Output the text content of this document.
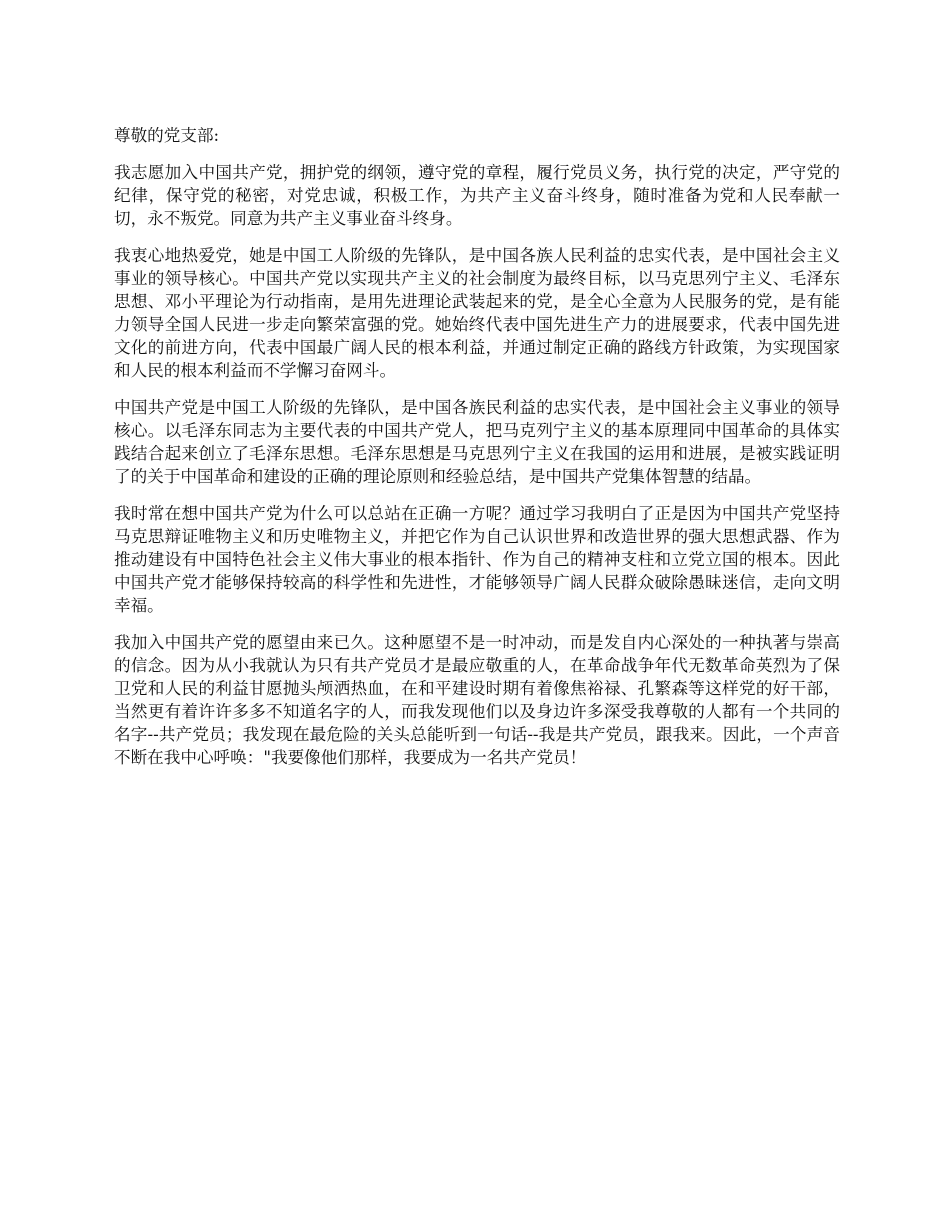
尊敬的党支部:

我志愿加入中国共产党，拥护党的纲领，遵守党的章程，履行党员义务，执行党的决定，严守党的纪律，保守党的秘密，对党忠诚，积极工作，为共产主义奋斗终身，随时准备为党和人民奉献一切，永不叛党。同意为共产主义事业奋斗终身。

我衷心地热爱党，她是中国工人阶级的先锋队，是中国各族人民利益的忠实代表，是中国社会主义事业的领导核心。中国共产党以实现共产主义的社会制度为最终目标，以马克思列宁主义、毛泽东思想、邓小平理论为行动指南，是用先进理论武装起来的党，是全心全意为人民服务的党，是有能力领导全国人民进一步走向繁荣富强的党。她始终代表中国先进生产力的进展要求，代表中国先进文化的前进方向，代表中国最广阔人民的根本利益，并通过制定正确的路线方针政策，为实现国家和人民的根本利益而不学懈习奋网斗。

中国共产党是中国工人阶级的先锋队，是中国各族民利益的忠实代表，是中国社会主义事业的领导核心。以毛泽东同志为主要代表的中国共产党人，把马克列宁主义的基本原理同中国革命的具体实践结合起来创立了毛泽东思想。毛泽东思想是马克思列宁主义在我国的运用和进展，是被实践证明了的关于中国革命和建设的正确的理论原则和经验总结，是中国共产党集体智慧的结晶。

我时常在想中国共产党为什么可以总站在正确一方呢？通过学习我明白了正是因为中国共产党坚持马克思辩证唯物主义和历史唯物主义，并把它作为自己认识世界和改造世界的强大思想武器、作为推动建设有中国特色社会主义伟大事业的根本指针、作为自己的精神支柱和立党立国的根本。因此中国共产党才能够保持较高的科学性和先进性，才能够领导广阔人民群众破除愚昧迷信，走向文明幸福。

我加入中国共产党的愿望由来已久。这种愿望不是一时冲动，而是发自内心深处的一种执著与崇高的信念。因为从小我就认为只有共产党员才是最应敬重的人，在革命战争年代无数革命英烈为了保卫党和人民的利益甘愿抛头颅洒热血，在和平建设时期有着像焦裕禄、孔繁森等这样党的好干部，当然更有着许许多多不知道名字的人，而我发现他们以及身边许多深受我尊敬的人都有一个共同的名字--共产党员；我发现在最危险的关头总能听到一句话--我是共产党员，跟我来。因此，一个声音不断在我中心呼唤："我要像他们那样，我要成为一名共产党员！
